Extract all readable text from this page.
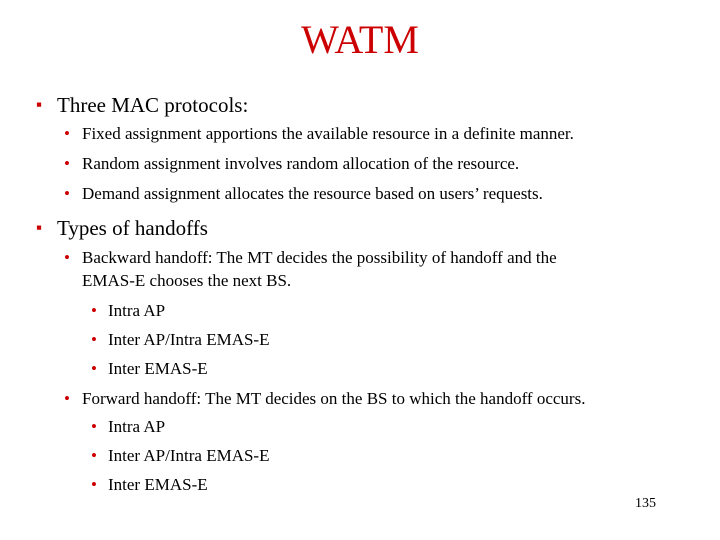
WATM
▪ Three MAC protocols:
• Fixed assignment apportions the available resource in a definite manner.
• Random assignment involves random allocation of the resource.
• Demand assignment allocates the resource based on users’ requests.
▪ Types of handoffs
• Backward handoff: The MT decides the possibility of handoff and the
EMAS-E chooses the next BS.
• Intra AP
• Inter AP/Intra EMAS-E
• Inter EMAS-E
• Forward handoff: The MT decides on the BS to which the handoff occurs.
• Intra AP
• Inter AP/Intra EMAS-E
• Inter EMAS-E
135
